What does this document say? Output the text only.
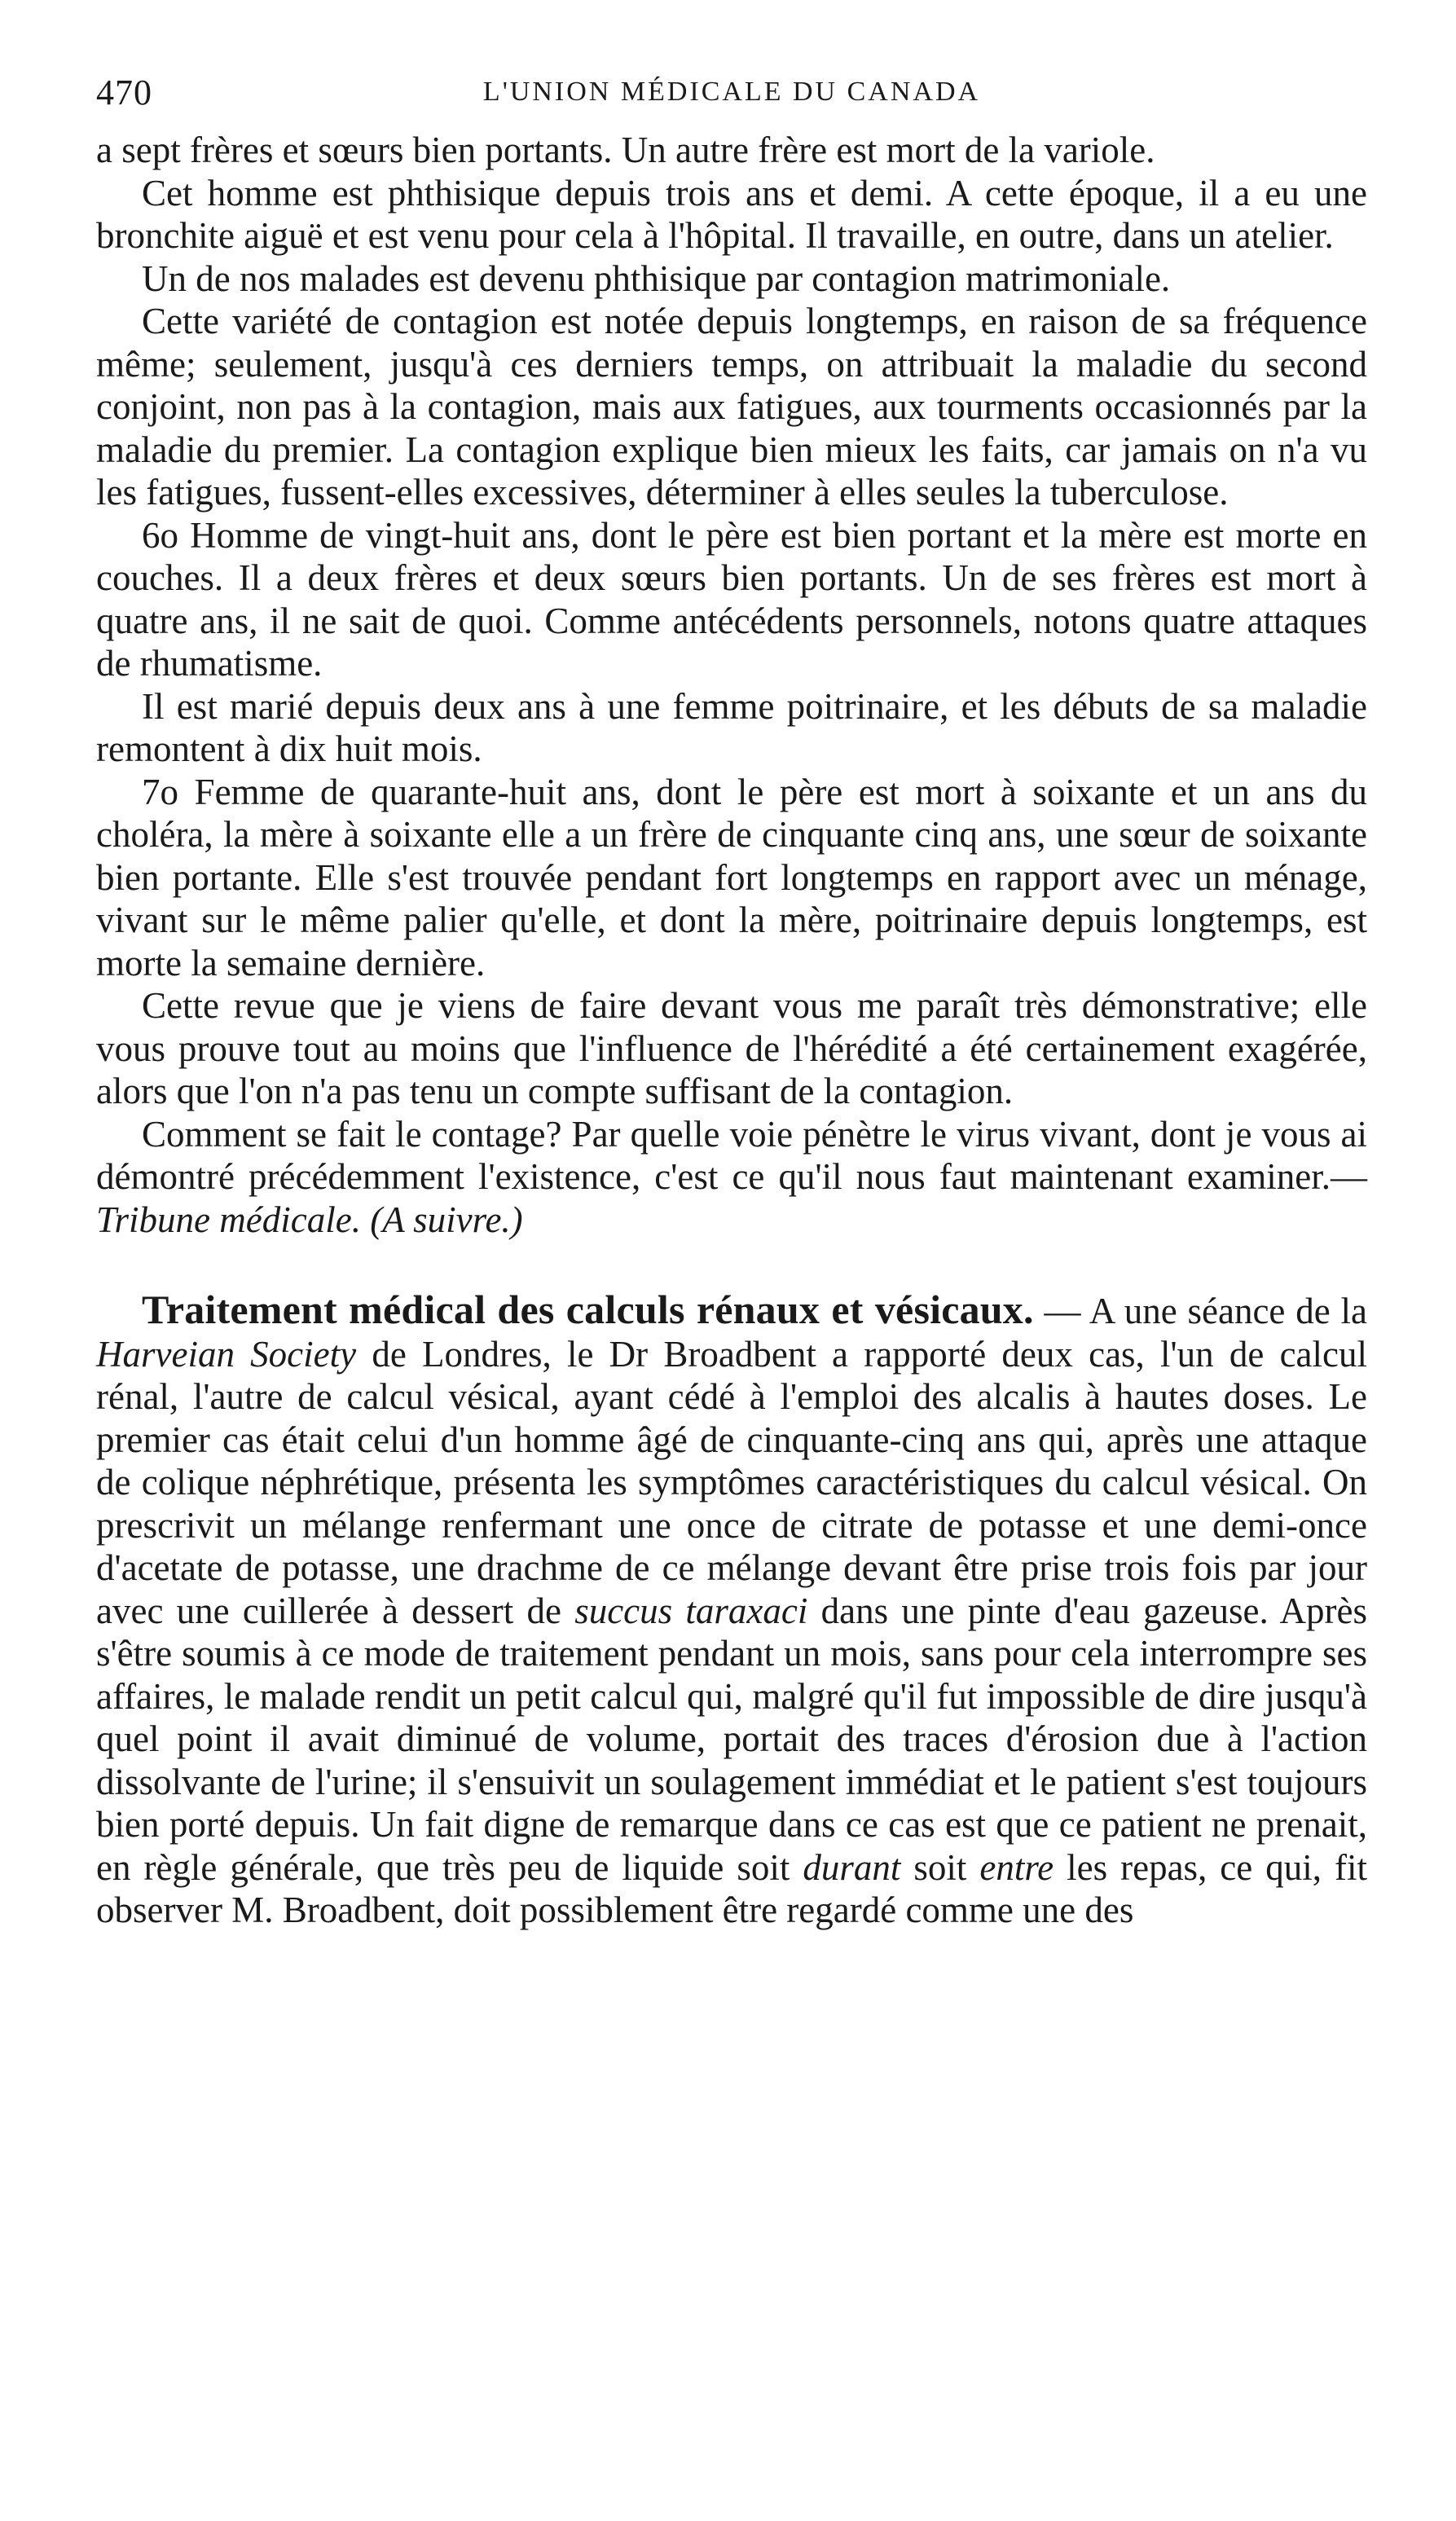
470	L'UNION MÉDICALE DU CANADA

a sept frères et sœurs bien portants. Un autre frère est mort de la variole.

Cet homme est phthisique depuis trois ans et demi. A cette époque, il a eu une bronchite aiguë et est venu pour cela à l'hôpital. Il travaille, en outre, dans un atelier.

Un de nos malades est devenu phthisique par contagion matrimoniale.

Cette variété de contagion est notée depuis longtemps, en raison de sa fréquence même; seulement, jusqu'à ces derniers temps, on attribuait la maladie du second conjoint, non pas à la contagion, mais aux fatigues, aux tourments occasionnés par la maladie du premier. La contagion explique bien mieux les faits, car jamais on n'a vu les fatigues, fussent-elles excessives, déterminer à elles seules la tuberculose.

6o Homme de vingt-huit ans, dont le père est bien portant et la mère est morte en couches. Il a deux frères et deux sœurs bien portants. Un de ses frères est mort à quatre ans, il ne sait de quoi. Comme antécédents personnels, notons quatre attaques de rhumatisme.

Il est marié depuis deux ans à une femme poitrinaire, et les débuts de sa maladie remontent à dix huit mois.

7o Femme de quarante-huit ans, dont le père est mort à soixante et un ans du choléra, la mère à soixante elle a un frère de cinquante cinq ans, une sœur de soixante bien portante. Elle s'est trouvée pendant fort longtemps en rapport avec un ménage, vivant sur le même palier qu'elle, et dont la mère, poitrinaire depuis longtemps, est morte la semaine dernière.

Cette revue que je viens de faire devant vous me paraît très démonstrative; elle vous prouve tout au moins que l'influence de l'hérédité a été certainement exagérée, alors que l'on n'a pas tenu un compte suffisant de la contagion.

Comment se fait le contage? Par quelle voie pénètre le virus vivant, dont je vous ai démontré précédemment l'existence, c'est ce qu'il nous faut maintenant examiner.—Tribune médicale. (A suivre.)

Traitement médical des calculs rénaux et vésicaux. — A une séance de la Harveian Society de Londres, le Dr Broadbent a rapporté deux cas, l'un de calcul rénal, l'autre de calcul vésical, ayant cédé à l'emploi des alcalis à hautes doses. Le premier cas était celui d'un homme âgé de cinquante-cinq ans qui, après une attaque de colique néphrétique, présenta les symptômes caractéristiques du calcul vésical. On prescrivit un mélange renfermant une once de citrate de potasse et une demi-once d'acetate de potasse, une drachme de ce mélange devant être prise trois fois par jour avec une cuillerée à dessert de succus taraxaci dans une pinte d'eau gazeuse. Après s'être soumis à ce mode de traitement pendant un mois, sans pour cela interrompre ses affaires, le malade rendit un petit calcul qui, malgré qu'il fut impossible de dire jusqu'à quel point il avait diminué de volume, portait des traces d'érosion due à l'action dissolvante de l'urine; il s'ensuivit un soulagement immédiat et le patient s'est toujours bien porté depuis. Un fait digne de remarque dans ce cas est que ce patient ne prenait, en règle générale, que très peu de liquide soit durant soit entre les repas, ce qui, fit observer M. Broadbent, doit possiblement être regardé comme une des
